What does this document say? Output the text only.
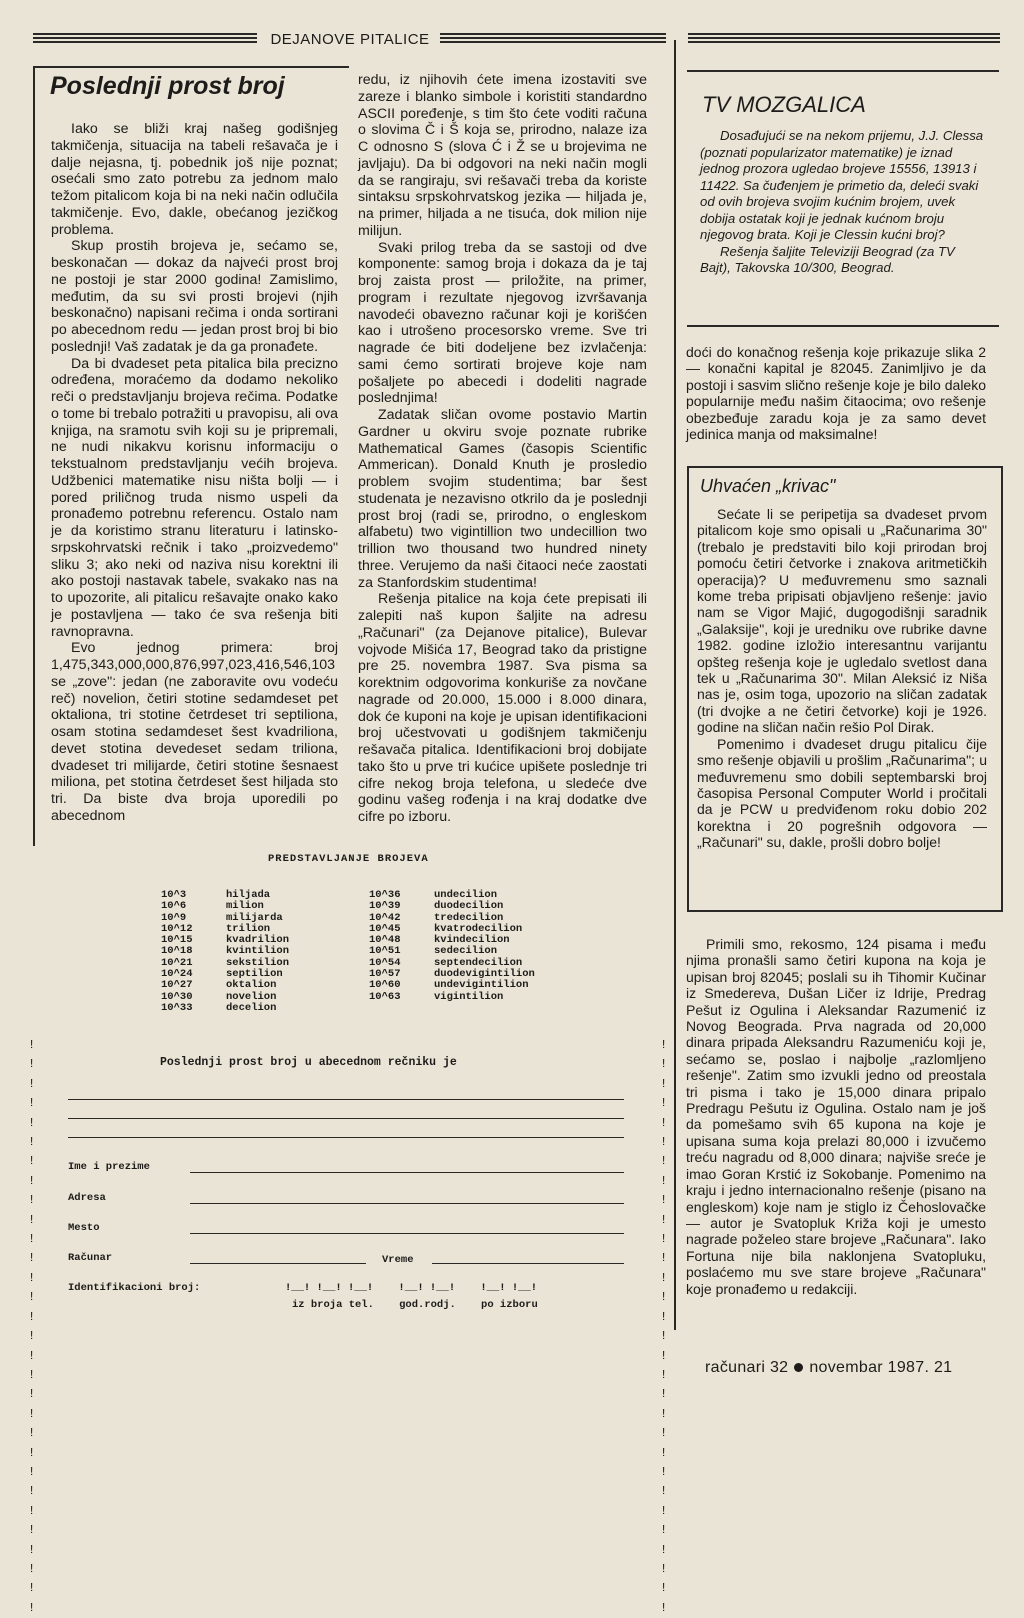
DEJANOVE PITALICE
Poslednji prost broj

Iako se bliži kraj našeg godišnjeg takmičenja, situacija na tabeli rešavača je i dalje nejasna, tj. pobednik još nije poznat; osećali smo zato potrebu za jednom malo težom pitalicom koja bi na neki način odlučila takmičenje. Evo, dakle, obećanog jezičkog problema.

Skup prostih brojeva je, sećamo se, beskonačan — dokaz da najveći prost broj ne postoji je star 2000 godina! Zamislimo, međutim, da su svi prosti brojevi (njih beskonačno) napisani rečima i onda sortirani po abecednom redu — jedan prost broj bi bio poslednji! Vaš zadatak je da ga pronađete.

Da bi dvadeset peta pitalica bila precizno određena, moraćemo da dodamo nekoliko reči o predstavljanju brojeva rečima. Podatke o tome bi trebalo potražiti u pravopisu, ali ova knjiga, na sramotu svih koji su je pripremali, ne nudi nikakvu korisnu informaciju o tekstualnom predstavljanju većih brojeva. Udžbenici matematike nisu ništa bolji — i pored priličnog truda nismo uspeli da pronađemo potrebnu referencu. Ostalo nam je da koristimo stranu literaturu i latinsko-srpskohrvatski rečnik i tako „proizvedemo" sliku 3; ako neki od naziva nisu korektni ili ako postoji nastavak tabele, svakako nas na to upozorite, ali pitalicu rešavajte onako kako je postavljena — tako će sva rešenja biti ravnopravna.

Evo jednog primera: broj 1,475,343,000,000,876,997,023,416,546,103 se „zove": jedan (ne zaboravite ovu vodeću reč) novelion, četiri stotine sedamdeset pet oktaliona, tri stotine četrdeset tri septiliona, osam stotina sedamdeset šest kvadriliona, devet stotina devedeset sedam triliona, dvadeset tri milijarde, četiri stotine šesnaest miliona, pet stotina četrdeset šest hiljada sto tri. Da biste dva broja uporedili po abecednom

redu, iz njihovih ćete imena izostaviti sve zareze i blanko simbole i koristiti standardno ASCII poređenje, s tim što ćete voditi računa o slovima Č i Š koja se, prirodno, nalaze iza C odnosno S (slova Ć i Ž se u brojevima ne javljaju). Da bi odgovori na neki način mogli da se rangiraju, svi rešavači treba da koriste sintaksu srpskohrvatskog jezika — hiljada je, na primer, hiljada a ne tisuća, dok milion nije milijun.

Svaki prilog treba da se sastoji od dve komponente: samog broja i dokaza da je taj broj zaista prost — priložite, na primer, program i rezultate njegovog izvršavanja navodeći obavezno računar koji je korišćen kao i utrošeno procesorsko vreme. Sve tri nagrade će biti dodeljene bez izvlačenja: sami ćemo sortirati brojeve koje nam pošaljete po abecedi i dodeliti nagrade poslednjima!

Zadatak sličan ovome postavio Martin Gardner u okviru svoje poznate rubrike Mathematical Games (časopis Scientific Ammerican). Donald Knuth je prosledio problem svojim studentima; bar šest studenata je nezavisno otkrilo da je poslednji prost broj (radi se, prirodno, o engleskom alfabetu) two vigintillion two undecillion two trillion two thousand two hundred ninety three. Verujemo da naši čitaoci neće zaostati za Stanfordskim studentima!

Rešenja pitalice na koja ćete prepisati ili zalepiti naš kupon šaljite na adresu „Računari" (za Dejanove pitalice), Bulevar vojvode Mišića 17, Beograd tako da pristigne pre 25. novembra 1987. Sva pisma sa korektnim odgovorima konkuriše za novčane nagrade od 20.000, 15.000 i 8.000 dinara, dok će kuponi na koje je upisan identifikacioni broj učestvovati u godišnjem takmičenju rešavača pitalica. Identifikacioni broj dobijate tako što u prve tri kućice upišete poslednje tri cifre nekog broja telefona, u sledeće dve godinu vašeg rođenja i na kraj dodatke dve cifre po izboru.

PREDSTAVLJANJE BROJEVA
10^3
10^6
10^9
10^12
10^15
10^18
10^21
10^24
10^27
10^30
10^33
hiljada
milion
milijarda
trilion
kvadrilion
kvintilion
sekstilion
septilion
oktalion
novelion
decelion
10^36
10^39
10^42
10^45
10^48
10^51
10^54
10^57
10^60
10^63
undecilion
duodecilion
tredecilion
kvatrodecilion
kvindecilion
sedecilion
septendecilion
duodevigintilion
undevigintilion
vigintilion
!
!
!
!
!
!
!
!
!
!
!
!
!
!
!
!
!
!
!
!
!
!
!
!
!
!
!
!
!
!
!
!
!
!
!
!
!
!
!
!
!
!
!
!
!
!
!
!
!
!
!
!
!
!
!
!
!
!
!
!
Poslednji prost broj u abecednom rečniku je
Ime i prezime
Adresa
Mesto
Računar	Vreme
Identifikacioni broj:	!__! !__! !__!    !__! !__!    !__! !__!
iz broja tel.    god.rodj.    po izboru
TV MOZGALICA

Dosađujući se na nekom prijemu, J.J. Clessa (poznati popularizator matematike) je iznad jednog prozora ugledao brojeve 15556, 13913 i 11422. Sa čuđenjem je primetio da, deleći svaki od ovih brojeva svojim kućnim brojem, uvek dobija ostatak koji je jednak kućnom broju njegovog brata. Koji je Clessin kućni broj?

Rešenja šaljite Televiziji Beograd (za TV Bajt), Takovska 10/300, Beograd.

doći do konačnog rešenja koje prikazuje slika 2 — konačni kapital je 82045. Zanimljivo je da postoji i sasvim slično rešenje koje je bilo daleko popularnije među našim čitaocima; ovo rešenje obezbeđuje zaradu koja je za samo devet jedinica manja od maksimalne!

Uhvaćen „krivac"

Sećate li se peripetija sa dvadeset prvom pitalicom koje smo opisali u „Računarima 30" (trebalo je predstaviti bilo koji prirodan broj pomoću četiri četvorke i znakova aritmetičkih operacija)? U međuvremenu smo saznali kome treba pripisati objavljeno rešenje: javio nam se Vigor Majić, dugogodišnji saradnik „Galaksije", koji je uredniku ove rubrike davne 1982. godine izložio interesantnu varijantu opšteg rešenja koje je ugledalo svetlost dana tek u „Računarima 30". Milan Aleksić iz Niša nas je, osim toga, upozorio na sličan zadatak (tri dvojke a ne četiri četvorke) koji je 1926. godine na sličan način rešio Pol Dirak.

Pomenimo i dvadeset drugu pitalicu čije smo rešenje objavili u prošlim „Računarima"; u međuvremenu smo dobili septembarski broj časopisa Personal Computer World i pročitali da je PCW u predviđenom roku dobio 202 korektna i 20 pogrešnih odgovora — „Računari" su, dakle, prošli dobro bolje!

Primili smo, rekosmo, 124 pisama i među njima pronašli samo četiri kupona na koja je upisan broj 82045; poslali su ih Tihomir Kučinar iz Smedereva, Dušan Ličer iz Idrije, Predrag Pešut iz Ogulina i Aleksandar Razumenić iz Novog Beograda. Prva nagrada od 20,000 dinara pripada Aleksandru Razumeniću koji je, sećamo se, poslao i najbolje „razlomljeno rešenje". Zatim smo izvukli jedno od preostala tri pisma i tako je 15,000 dinara pripalo Predragu Pešutu iz Ogulina. Ostalo nam je još da pomešamo svih 65 kupona na koje je upisana suma koja prelazi 80,000 i izvučemo treću nagradu od 8,000 dinara; najviše sreće je imao Goran Krstić iz Sokobanje. Pomenimo na kraju i jedno internacionalno rešenje (pisano na engleskom) koje nam je stiglo iz Čehoslovačke — autor je Svatopluk Križa koji je umesto nagrade poželeo stare brojeve „Računara". Iako Fortuna nije bila naklonjena Svatopluku, poslaćemo mu sve stare brojeve „Računara" koje pronađemo u redakciji.

računari 32 novembar 1987. 21
